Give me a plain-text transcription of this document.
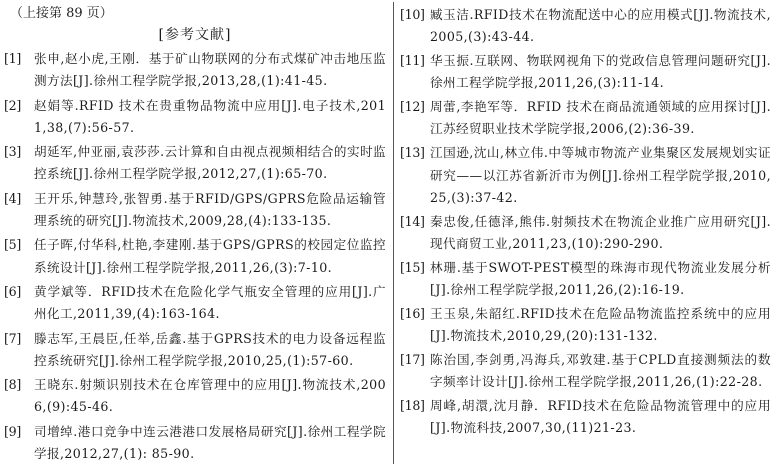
（上接第 89 页）
[参考文献]
[1]	张申,赵小虎,王刚．基于矿山物联网的分布式煤矿冲击地压监测方法[J].徐州工程学院学报,2013,28,(1):41-45.
[2]	赵娟等.RFID 技术在贵重物品物流中应用[J].电子技术,2011,38,(7):56-57.
[3]	胡延军,仲亚丽,袁莎莎.云计算和自由视点视频相结合的实时监控系统[J].徐州工程学院学报,2012,27,(1):65-70.
[4]	王开乐,钟慧玲,张智勇.基于RFID/GPS/GPRS危险品运输管理系统的研究[J].物流技术,2009,28,(4):133-135.
[5]	任子晖,付华科,杜艳,李建刚.基于GPS/GPRS的校园定位监控系统设计[J].徐州工程学院学报,2011,26,(3):7-10.
[6]	黄学斌等．RFID技术在危险化学气瓶安全管理的应用[J].广州化工,2011,39,(4):163-164.
[7]	滕志军,王晨臣,任举,岳鑫.基于GPRS技术的电力设备远程监控系统研究[J].徐州工程学院学报,2010,25,(1):57-60.
[8]	王晓东.射频识别技术在仓库管理中的应用[J].物流技术,2006,(9):45-46.
[9]	司增绰.港口竞争中连云港港口发展格局研究[J].徐州工程学院学报,2012,27,(1): 85-90.
[10] 臧玉洁.RFID技术在物流配送中心的应用模式[J].物流技术,2005,(3):43-44.
[11] 华玉振.互联网、物联网视角下的党政信息管理问题研究[J].徐州工程学院学报,2011,26,(3):11-14.
[12] 周蕾,李艳军等．RFID 技术在商品流通领域的应用探讨[J].江苏经贸职业技术学院学报,2006,(2):36-39.
[13] 江国逊,沈山,林立伟.中等城市物流产业集聚区发展规划实证研究——以江苏省新沂市为例[J].徐州工程学院学报,2010,25,(3):37-42.
[14] 秦忠俊,任德泽,熊伟.射频技术在物流企业推广应用研究[J].现代商贸工业,2011,23,(10):290-290.
[15] 林珊.基于SWOT-PEST模型的珠海市现代物流业发展分析[J].徐州工程学院学报,2011,26,(2):16-19.
[16] 王玉泉,朱韶红.RFID技术在危险品物流监控系统中的应用[J].物流技术,2010,29,(20):131-132.
[17] 陈治国,李剑勇,冯海兵,邓敦建.基于CPLD直接测频法的数字频率计设计[J].徐州工程学院学报,2011,26,(1):22-28.
[18] 周峰,胡澴,沈月静．RFID技术在危险品物流管理中的应用[J].物流科技,2007,30,(11)21-23.
